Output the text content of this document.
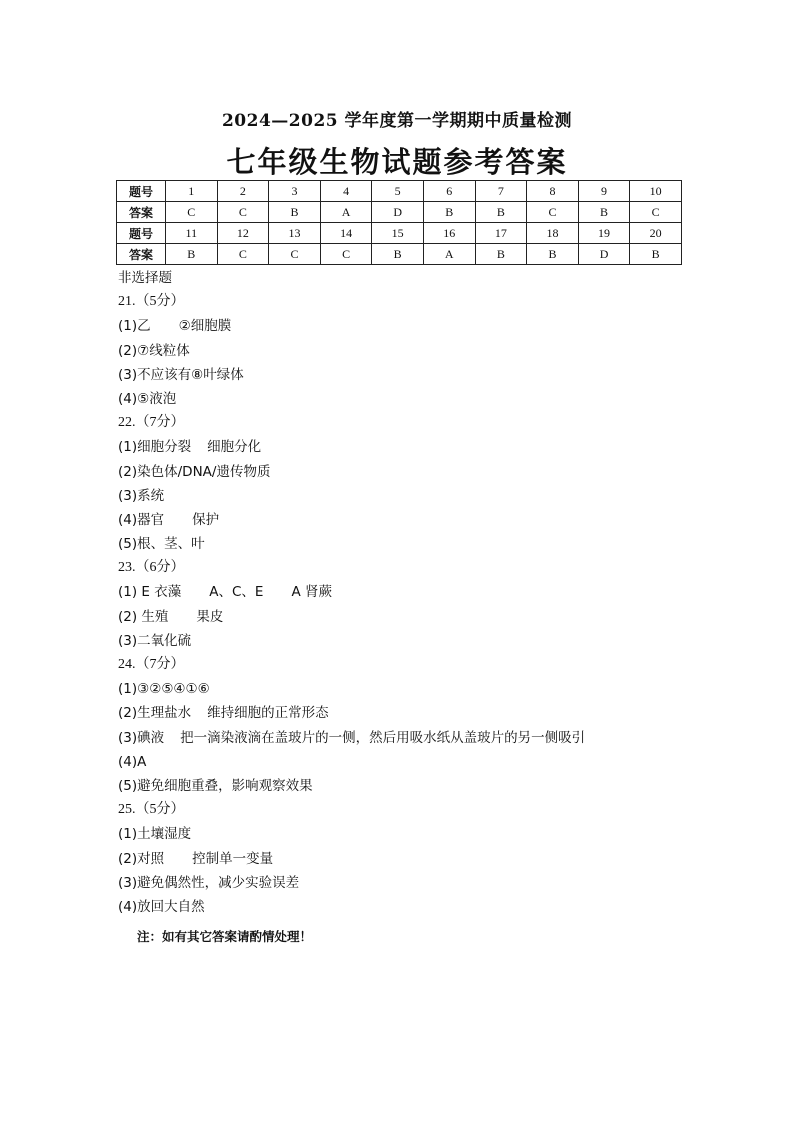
2024—2025 学年度第一学期期中质量检测
七年级生物试题参考答案
题号	1	2	3	4	5	6	7	8	9	10
答案	C	C	B	A	D	B	B	C	B	C
题号	11	12	13	14	15	16	17	18	19	20
答案	B	C	C	C	B	A	B	B	D	B
非选择题
21.（5分）
(1)乙 ②细胞膜
(2)⑦线粒体
(3)不应该有⑧叶绿体
(4)⑤液泡
22.（7分）
(1)细胞分裂 细胞分化
(2)染色体/DNA/遗传物质
(3)系统
(4)器官 保护
(5)根、茎、叶
23.（6分）
(1) E 衣藻 A、C、E A 肾蕨
(2) 生殖 果皮
(3)二氧化硫
24.（7分）
(1)③②⑤④①⑥
(2)生理盐水 维持细胞的正常形态
(3)碘液 把一滴染液滴在盖玻片的一侧，然后用吸水纸从盖玻片的另一侧吸引
(4)A
(5)避免细胞重叠，影响观察效果
25.（5分）
(1)土壤湿度
(2)对照 控制单一变量
(3)避免偶然性，减少实验误差
(4)放回大自然
注：如有其它答案请酌情处理！
